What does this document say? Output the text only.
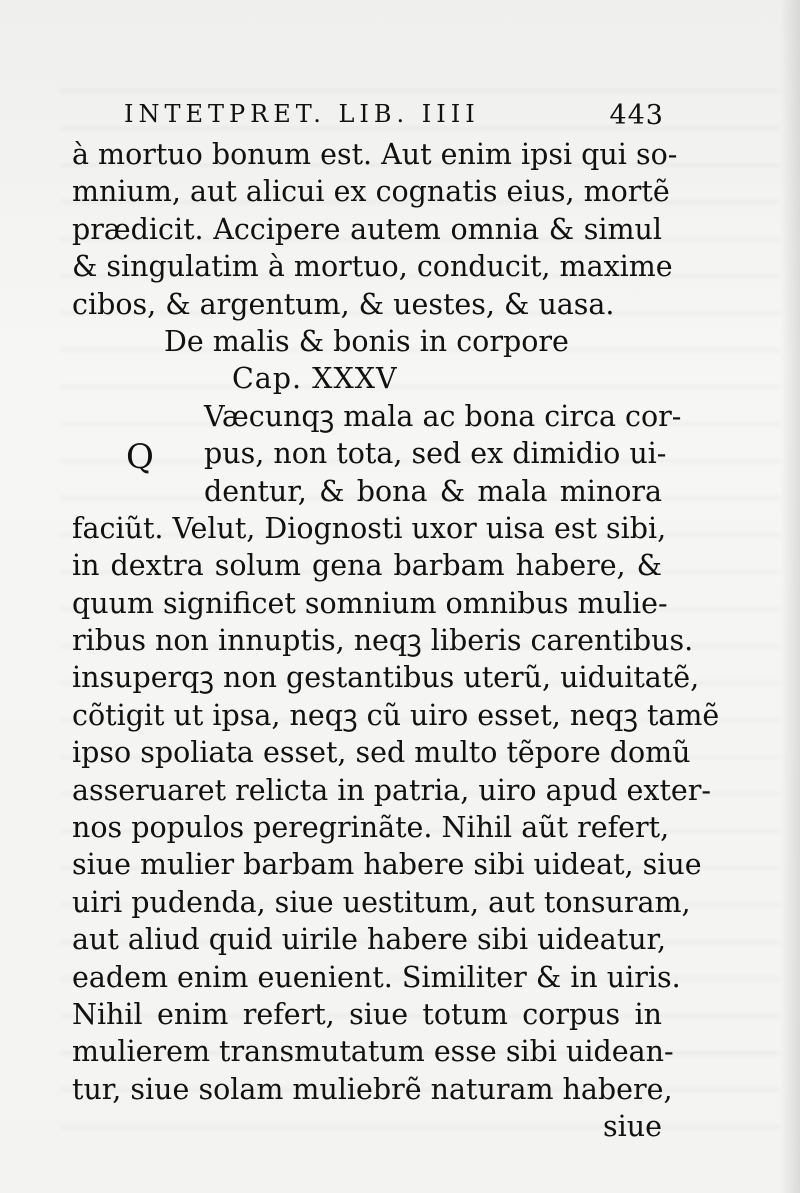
INTETPRET. LIB. IIII	443
à mortuo bonum est. Aut enim ipsi qui so-
mnium, aut alicui ex cognatis eius, mortẽ
prædicit. Accipere autem omnia & simul
& singulatim à mortuo, conducit, maxime
cibos, & argentum, & uestes, & uasa.
De malis & bonis in corpore
Cap. XXXV
Q
Væcunqꝫ mala ac bona circa cor-
pus, non tota, sed ex dimidio ui-
dentur, & bona & mala minora
faciũt. Velut, Diognosti uxor uisa est sibi,
in dextra solum gena barbam habere, &
quum significet somnium omnibus mulie-
ribus non innuptis, neqꝫ liberis carentibus.
insuperqꝫ non gestantibus uterũ, uiduitatẽ,
cõtigit ut ipsa, neqꝫ cũ uiro esset, neqꝫ tamẽ
ipso spoliata esset, sed multo tẽpore domũ
asseruaret relicta in patria, uiro apud exter-
nos populos peregrinãte. Nihil aũt refert,
siue mulier barbam habere sibi uideat, siue
uiri pudenda, siue uestitum, aut tonsuram,
aut aliud quid uirile habere sibi uideatur,
eadem enim euenient. Similiter & in uiris.
Nihil enim refert, siue totum corpus in
mulierem transmutatum esse sibi uidean-
tur, siue solam muliebrẽ naturam habere,
siue
